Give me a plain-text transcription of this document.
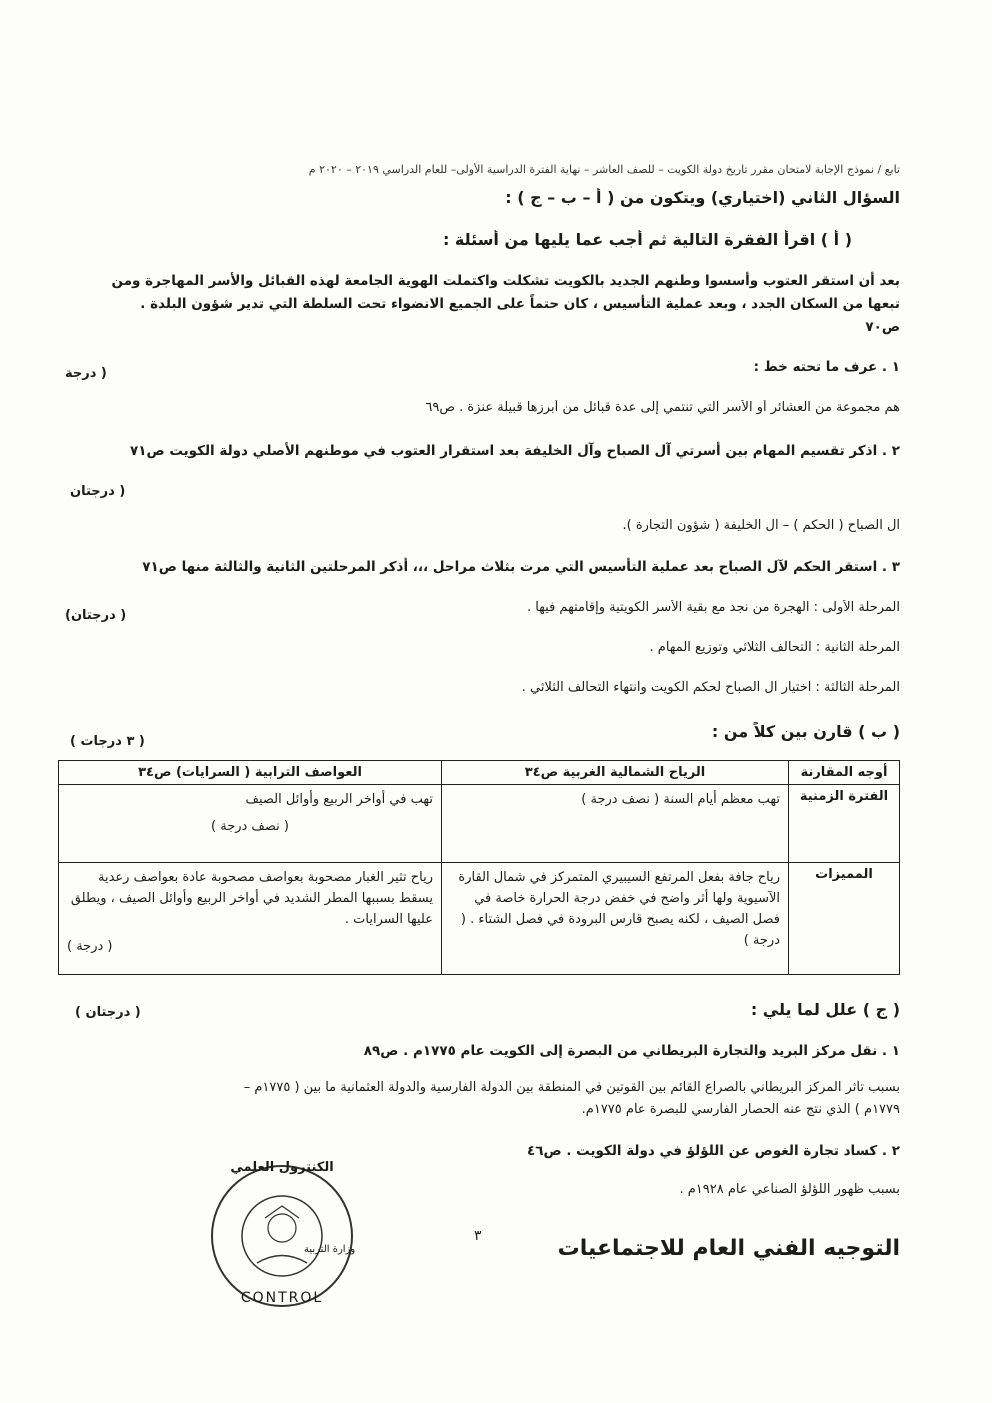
تابع / نموذج الإجابة لامتحان مقرر تاريخ دولة الكويت – للصف العاشر – نهاية الفترة الدراسية الأولى– للعام الدراسي ٢٠١٩ – ٢٠٢٠ م
السؤال الثاني (اختياري) ويتكون من ( أ – ب – ج ) :
( أ ) اقرأ الفقرة التالية ثم أجب عما يليها من أسئلة :
بعد أن استقر العتوب وأسسوا وطنهم الجديد بالكويت تشكلت واكتملت الهوية الجامعة لهذه القبائل والأسر المهاجرة ومن
تبعها من السكان الجدد ، وبعد عملية التأسيس ، كان حتماً على الجميع الانضواء تحت السلطة التي تدير شؤون البلدة .
ص٧٠
١ . عرف ما تحته خط :
( درجة
هم مجموعة من العشائر أو الأسر التي تنتمي إلى عدة قبائل من أبرزها قبيلة عنزة . ص٦٩
٢ . اذكر تقسيم المهام بين أسرتي آل الصباح وآل الخليفة بعد استقرار العتوب في موطنهم الأصلي دولة الكويت ص٧١
( درجتان
آل الصباح ( الحكم ) – آل الخليفة ( شؤون التجارة ).
٣ . استقر الحكم لآل الصباح بعد عملية التأسيس التي مرت بثلاث مراحل ،،، أذكر المرحلتين الثانية والثالثة منها ص٧١
( درجتان)
المرحلة الأولى : الهجرة من نجد مع بقية الأسر الكويتية وإقامتهم فيها .
المرحلة الثانية : التحالف الثلاثي وتوزيع المهام .
المرحلة الثالثة : اختيار آل الصباح لحكم الكويت وانتهاء التحالف الثلاثي .
( ب ) قارن بين كلاً من :
( ٣ درجات )
أوجه المقارنة	الرياح الشمالية الغربية ص٣٤	العواصف الترابية ( السرايات) ص٣٤
الفترة الزمنية	تهب معظم أيام السنة ( نصف درجة )	تهب في أواخر الربيع وأوائل الصيف

( نصف درجة )

المميزات	رياح جافة بفعل المرتفع السيبيري المتمركز في شمال القارة الآسيوية ولها أثر واضح في خفض درجة الحرارة خاصة في فصل الصيف ، لكنه يصبح قارس البرودة في فصل الشتاء . ( درجة )	رياح تثير الغبار مصحوبة بعواصف مصحوبة عادة بعواصف رعدية يسقط بسببها المطر الشديد في أواخر الربيع وأوائل الصيف ، ويطلق عليها السرايات .

( درجة )

( ج ) علل لما يلي :
( درجتان )
١ . نقل مركز البريد والتجارة البريطاني من البصرة إلى الكويت عام ١٧٧٥م . ص٨٩
بسبب تأثر المركز البريطاني بالصراع القائم بين القوتين في المنطقة بين الدولة الفارسية والدولة العثمانية ما بين ( ١٧٧٥م –
١٧٧٩م ) الذي نتج عنه الحصار الفارسي للبصرة عام ١٧٧٥م.
٢ . كساد تجارة الغوص عن اللؤلؤ في دولة الكويت . ص٤٦
بسبب ظهور اللؤلؤ الصناعي عام ١٩٢٨م .
٣	التوجيه الفني العام للاجتماعيات
الكنترول العلمي
وزارة التربية
CONTROL
